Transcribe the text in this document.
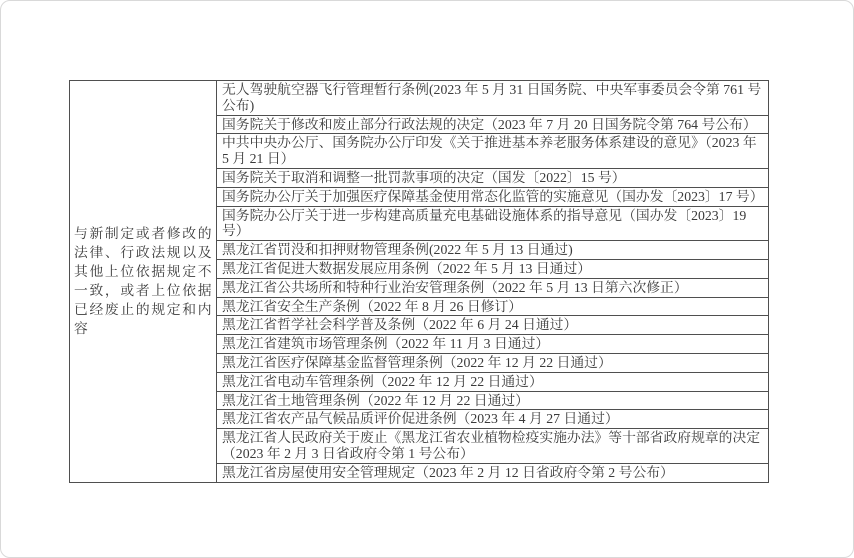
与新制定或者修改的法律、行政法规以及其他上位依据规定不一致，或者上位依据已经废止的规定和内容
无人驾驶航空器飞行管理暂行条例(2023 年 5 月 31 日国务院、中央军事委员会令第 761 号公布)
国务院关于修改和废止部分行政法规的决定（2023 年 7 月 20 日国务院令第 764 号公布）
中共中央办公厅、国务院办公厅印发《关于推进基本养老服务体系建设的意见》（2023 年 5 月 21 日）
国务院关于取消和调整一批罚款事项的决定（国发〔2022〕15 号）
国务院办公厅关于加强医疗保障基金使用常态化监管的实施意见（国办发〔2023〕17 号）
国务院办公厅关于进一步构建高质量充电基础设施体系的指导意见（国办发〔2023〕19 号）
黑龙江省罚没和扣押财物管理条例(2022 年 5 月 13 日通过)
黑龙江省促进大数据发展应用条例（2022 年 5 月 13 日通过）
黑龙江省公共场所和特种行业治安管理条例（2022 年 5 月 13 日第六次修正）
黑龙江省安全生产条例（2022 年 8 月 26 日修订）
黑龙江省哲学社会科学普及条例（2022 年 6 月 24 日通过）
黑龙江省建筑市场管理条例（2022 年 11 月 3 日通过）
黑龙江省医疗保障基金监督管理条例（2022 年 12 月 22 日通过）
黑龙江省电动车管理条例（2022 年 12 月 22 日通过）
黑龙江省土地管理条例（2022 年 12 月 22 日通过）
黑龙江省农产品气候品质评价促进条例（2023 年 4 月 27 日通过）
黑龙江省人民政府关于废止《黑龙江省农业植物检疫实施办法》等十部省政府规章的决定（2023 年 2 月 3 日省政府令第 1 号公布）
黑龙江省房屋使用安全管理规定（2023 年 2 月 12 日省政府令第 2 号公布）
